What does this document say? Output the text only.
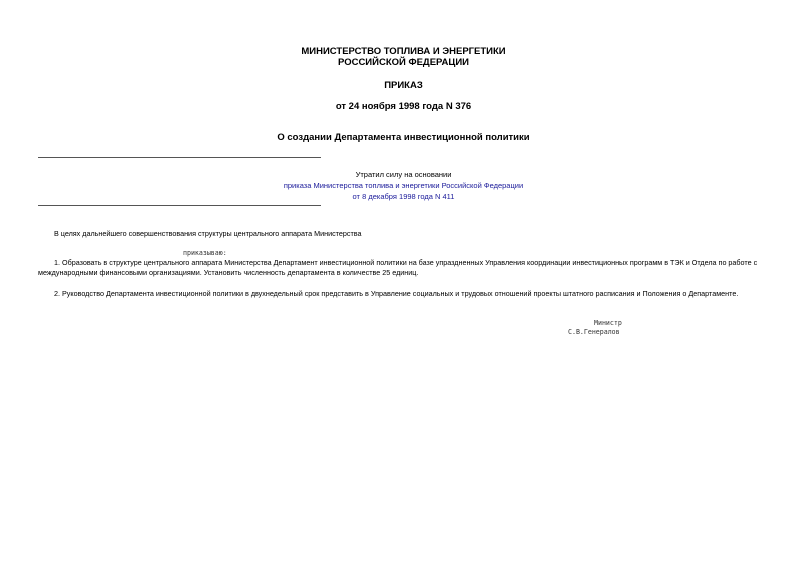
МИНИСТЕРСТВО ТОПЛИВА И ЭНЕРГЕТИКИ
РОССИЙСКОЙ ФЕДЕРАЦИИ
ПРИКАЗ
от 24 ноября 1998 года N 376
О создании Департамента инвестиционной политики
Утратил силу на основании
приказа Министерства топлива и энергетики Российской Федерации
от 8 декабря 1998 года N 411
В целях дальнейшего совершенствования структуры центрального аппарата Министерства
приказываю:
1. Образовать в структуре центрального аппарата Министерства Департамент инвестиционной политики на базе упраздненных Управления координации инвестиционных программ в ТЭК и Отдела по работе с международными финансовыми организациями. Установить численность департамента в количестве 25 единиц.
2. Руководство Департамента инвестиционной политики в двухнедельный срок представить в Управление социальных и трудовых отношений проекты штатного расписания и Положения о Департаменте.
Министр
С.В.Генералов
